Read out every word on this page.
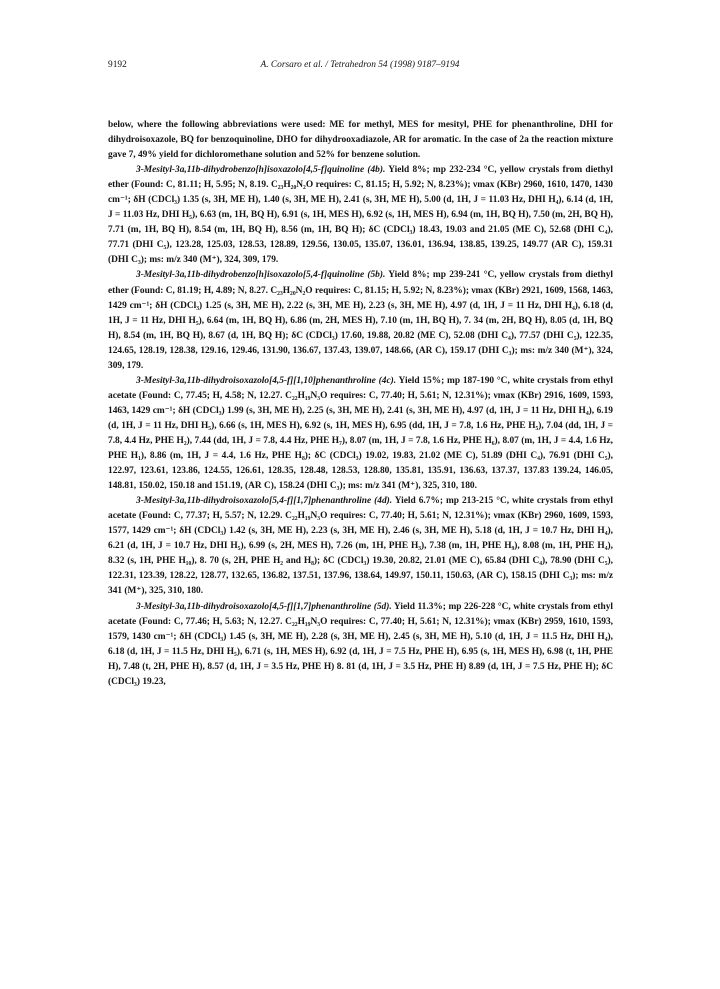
9192	A. Corsaro et al. / Tetrahedron 54 (1998) 9187–9194

below, where the following abbreviations were used: ME for methyl, MES for mesityl, PHE for phenanthroline, DHI for dihydroisoxazole, BQ for benzoquinoline, DHO for dihydrooxadiazole, AR for aromatic. In the case of 2a the reaction mixture gave 7, 49% yield for dichloromethane solution and 52% for benzene solution.

3-Mesityl-3a,11b-dihydrobenzo[h]isoxazolo[4,5-f]quinoline (4b). Yield 8%; mp 232-234 °C, yellow crystals from diethyl ether (Found: C, 81.11; H, 5.95; N, 8.19. C₂₃H₂₀N₂O requires: C, 81.15; H, 5.92; N, 8.23%); νmax (KBr) 2960, 1610, 1470, 1430 cm⁻¹; δH (CDCl₃) 1.35 (s, 3H, ME H), 1.40 (s, 3H, ME H), 2.41 (s, 3H, ME H), 5.00 (d, 1H, J = 11.03 Hz, DHI H₄), 6.14 (d, 1H, J = 11.03 Hz, DHI H₅), 6.63 (m, 1H, BQ H), 6.91 (s, 1H, MES H), 6.92 (s, 1H, MES H), 6.94 (m, 1H, BQ H), 7.50 (m, 2H, BQ H), 7.71 (m, 1H, BQ H), 8.54 (m, 1H, BQ H), 8.56 (m, 1H, BQ H); δC (CDCl₃) 18.43, 19.03 and 21.05 (ME C), 52.68 (DHI C₄), 77.71 (DHI C₅), 123.28, 125.03, 128.53, 128.89, 129.56, 130.05, 135.07, 136.01, 136.94, 138.85, 139.25, 149.77 (AR C), 159.31 (DHI C₃); ms: m/z 340 (M⁺), 324, 309, 179.

3-Mesityl-3a,11b-dihydrobenzo[h]isoxazolo[5,4-f]quinoline (5b). Yield 8%; mp 239-241 °C, yellow crystals from diethyl ether (Found: C, 81.19; H, 4.89; N, 8.27. C₂₃H₂₀N₂O requires: C, 81.15; H, 5.92; N, 8.23%); νmax (KBr) 2921, 1609, 1568, 1463, 1429 cm⁻¹; δH (CDCl₃) 1.25 (s, 3H, ME H), 2.22 (s, 3H, ME H), 2.23 (s, 3H, ME H), 4.97 (d, 1H, J = 11 Hz, DHI H₄), 6.18 (d, 1H, J = 11 Hz, DHI H₅), 6.64 (m, 1H, BQ H), 6.86 (m, 2H, MES H), 7.10 (m, 1H, BQ H), 7. 34 (m, 2H, BQ H), 8.05 (d, 1H, BQ H), 8.54 (m, 1H, BQ H), 8.67 (d, 1H, BQ H); δC (CDCl₃) 17.60, 19.88, 20.82 (ME C), 52.08 (DHI C₄), 77.57 (DHI C₅), 122.35, 124.65, 128.19, 128.38, 129.16, 129.46, 131.90, 136.67, 137.43, 139.07, 148.66, (AR C), 159.17 (DHI C₃); ms: m/z 340 (M⁺), 324, 309, 179.

3-Mesityl-3a,11b-dihydroisoxazolo[4,5-f][1,10]phenanthroline (4c). Yield 15%; mp 187-190 °C, white crystals from ethyl acetate (Found: C, 77.45; H, 4.58; N, 12.27. C₂₂H₁₉N₃O requires: C, 77.40; H, 5.61; N, 12.31%); νmax (KBr) 2916, 1609, 1593, 1463, 1429 cm⁻¹; δH (CDCl₃) 1.99 (s, 3H, ME H), 2.25 (s, 3H, ME H), 2.41 (s, 3H, ME H), 4.97 (d, 1H, J = 11 Hz, DHI H₄), 6.19 (d, 1H, J = 11 Hz, DHI H₅), 6.66 (s, 1H, MES H), 6.92 (s, 1H, MES H), 6.95 (dd, 1H, J = 7.8, 1.6 Hz, PHE H₅), 7.04 (dd, 1H, J = 7.8, 4.4 Hz, PHE H₂), 7.44 (dd, 1H, J = 7.8, 4.4 Hz, PHE H₇), 8.07 (m, 1H, J = 7.8, 1.6 Hz, PHE H₆), 8.07 (m, 1H, J = 4.4, 1.6 Hz, PHE H₁), 8.86 (m, 1H, J = 4.4, 1.6 Hz, PHE H₈); δC (CDCl₃) 19.02, 19.83, 21.02 (ME C), 51.89 (DHI C₄), 76.91 (DHI C₅), 122.97, 123.61, 123.86, 124.55, 126.61, 128.35, 128.48, 128.53, 128.80, 135.81, 135.91, 136.63, 137.37, 137.83 139.24, 146.05, 148.81, 150.02, 150.18 and 151.19, (AR C), 158.24 (DHI C₃); ms: m/z 341 (M⁺), 325, 310, 180.

3-Mesityl-3a,11b-dihydroisoxazolo[5,4-f][1,7]phenanthroline (4d). Yield 6.7%; mp 213-215 °C, white crystals from ethyl acetate (Found: C, 77.37; H, 5.57; N, 12.29. C₂₂H₁₉N₃O requires: C, 77.40; H, 5.61; N, 12.31%); νmax (KBr) 2960, 1609, 1593, 1577, 1429 cm⁻¹; δH (CDCl₃) 1.42 (s, 3H, ME H), 2.23 (s, 3H, ME H), 2.46 (s, 3H, ME H), 5.18 (d, 1H, J = 10.7 Hz, DHI H₄), 6.21 (d, 1H, J = 10.7 Hz, DHI H₅), 6.99 (s, 2H, MES H), 7.26 (m, 1H, PHE H₃), 7.38 (m, 1H, PHE H₉), 8.08 (m, 1H, PHE H₄), 8.32 (s, 1H, PHE H₁₀), 8. 70 (s, 2H, PHE H₂ and H₈); δC (CDCl₃) 19.30, 20.82, 21.01 (ME C), 65.84 (DHI C₄), 78.90 (DHI C₅), 122.31, 123.39, 128.22, 128.77, 132.65, 136.82, 137.51, 137.96, 138.64, 149.97, 150.11, 150.63, (AR C), 158.15 (DHI C₃); ms: m/z 341 (M⁺), 325, 310, 180.

3-Mesityl-3a,11b-dihydroisoxazolo[4,5-f][1,7]phenanthroline (5d). Yield 11.3%; mp 226-228 °C, white crystals from ethyl acetate (Found: C, 77.46; H, 5.63; N, 12.27. C₂₂H₁₉N₃O requires: C, 77.40; H, 5.61; N, 12.31%); νmax (KBr) 2959, 1610, 1593, 1579, 1430 cm⁻¹; δH (CDCl₃) 1.45 (s, 3H, ME H), 2.28 (s, 3H, ME H), 2.45 (s, 3H, ME H), 5.10 (d, 1H, J = 11.5 Hz, DHI H₄), 6.18 (d, 1H, J = 11.5 Hz, DHI H₅), 6.71 (s, 1H, MES H), 6.92 (d, 1H, J = 7.5 Hz, PHE H), 6.95 (s, 1H, MES H), 6.98 (t, 1H, PHE H), 7.48 (t, 2H, PHE H), 8.57 (d, 1H, J = 3.5 Hz, PHE H) 8. 81 (d, 1H, J = 3.5 Hz, PHE H) 8.89 (d, 1H, J = 7.5 Hz, PHE H); δC (CDCl₃) 19.23,
